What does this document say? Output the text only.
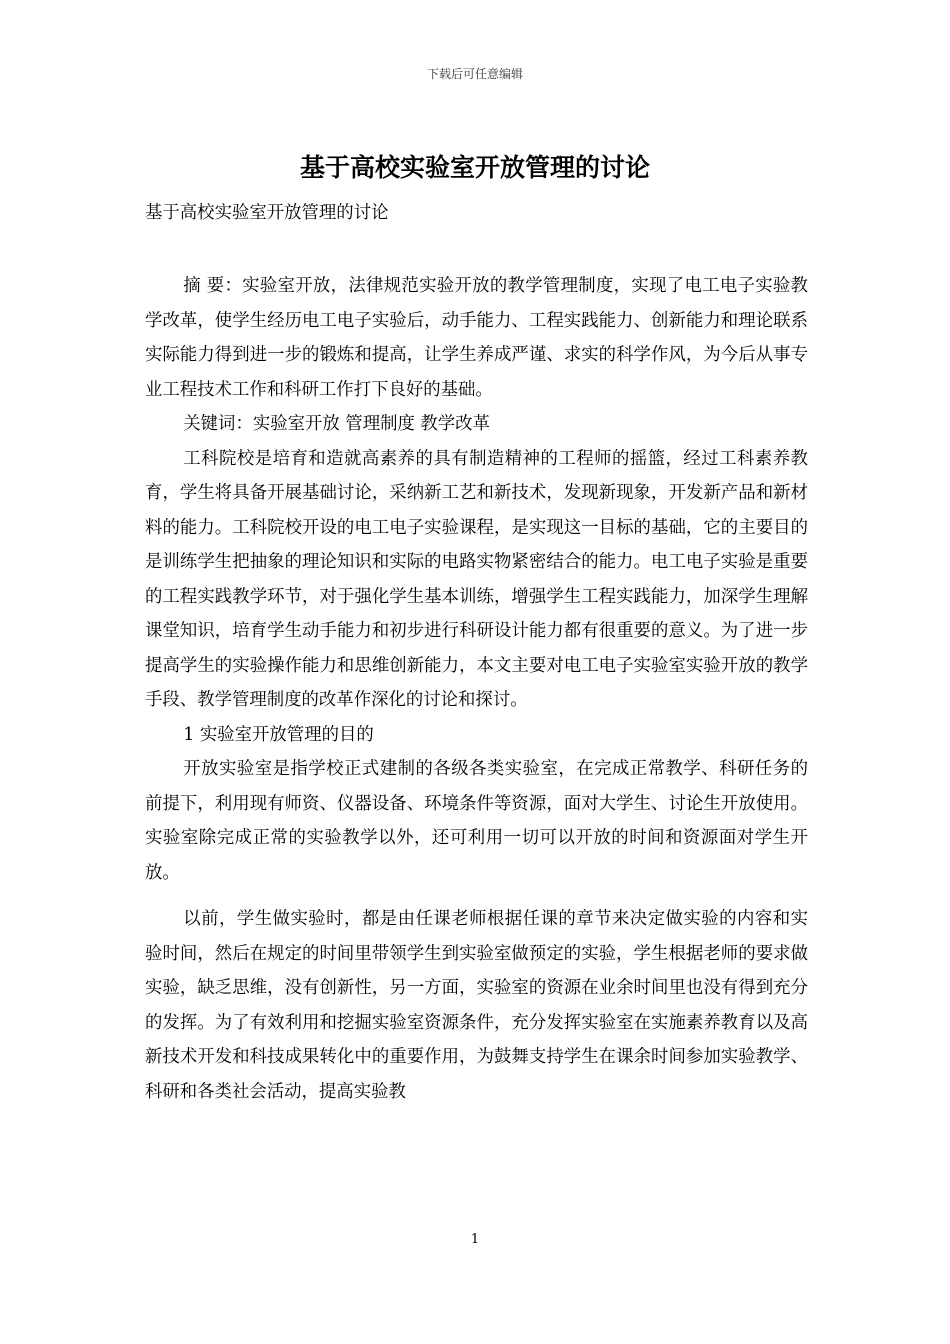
下载后可任意编辑
基于高校实验室开放管理的讨论
基于高校实验室开放管理的讨论

摘 要：实验室开放，法律规范实验开放的教学管理制度，实现了电工电子实验教学改革，使学生经历电工电子实验后，动手能力、工程实践能力、创新能力和理论联系实际能力得到进一步的锻炼和提高，让学生养成严谨、求实的科学作风，为今后从事专业工程技术工作和科研工作打下良好的基础。

关键词：实验室开放 管理制度 教学改革

工科院校是培育和造就高素养的具有制造精神的工程师的摇篮，经过工科素养教育，学生将具备开展基础讨论，采纳新工艺和新技术，发现新现象，开发新产品和新材料的能力。工科院校开设的电工电子实验课程，是实现这一目标的基础，它的主要目的是训练学生把抽象的理论知识和实际的电路实物紧密结合的能力。电工电子实验是重要的工程实践教学环节，对于强化学生基本训练，增强学生工程实践能力，加深学生理解课堂知识，培育学生动手能力和初步进行科研设计能力都有很重要的意义。为了进一步提高学生的实验操作能力和思维创新能力，本文主要对电工电子实验室实验开放的教学手段、教学管理制度的改革作深化的讨论和探讨。

1 实验室开放管理的目的

开放实验室是指学校正式建制的各级各类实验室，在完成正常教学、科研任务的前提下，利用现有师资、仪器设备、环境条件等资源，面对大学生、讨论生开放使用。实验室除完成正常的实验教学以外，还可利用一切可以开放的时间和资源面对学生开放。

以前，学生做实验时，都是由任课老师根据任课的章节来决定做实验的内容和实验时间，然后在规定的时间里带领学生到实验室做预定的实验，学生根据老师的要求做实验，缺乏思维，没有创新性，另一方面，实验室的资源在业余时间里也没有得到充分的发挥。为了有效利用和挖掘实验室资源条件，充分发挥实验室在实施素养教育以及高新技术开发和科技成果转化中的重要作用，为鼓舞支持学生在课余时间参加实验教学、科研和各类社会活动，提高实验教

1
